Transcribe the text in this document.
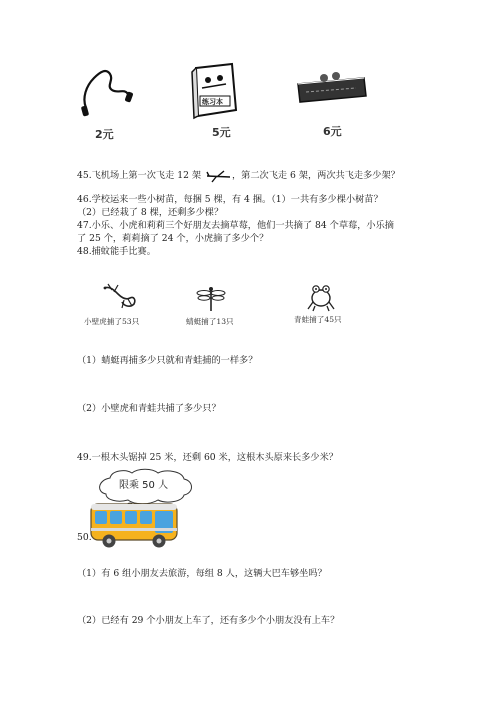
2元
练习本
5元	6元
45.飞机场上第一次飞走 12 架	，第二次飞走 6 架，两次共飞走多少架？
46.学校运来一些小树苗，每捆 5 棵，有 4 捆。（1）一共有多少棵小树苗？
（2）已经栽了 8 棵，还剩多少棵？
47.小乐、小虎和莉莉三个好朋友去摘草莓，他们一共摘了 84 个草莓，小乐摘
了 25 个，莉莉摘了 24 个，小虎摘了多少个？
48.捕蚊能手比赛。
小壁虎捕了53只	蜻蜓捕了13只	青蛙捕了45只
（1）蜻蜓再捕多少只就和青蛙捕的一样多？
（2）小壁虎和青蛙共捕了多少只？
49.一根木头锯掉 25 米，还剩 60 米，这根木头原来长多少米？
限乘 50 人
50.
（1）有 6 组小朋友去旅游，每组 8 人，这辆大巴车够坐吗？
（2）已经有 29 个小朋友上车了，还有多少个小朋友没有上车？
